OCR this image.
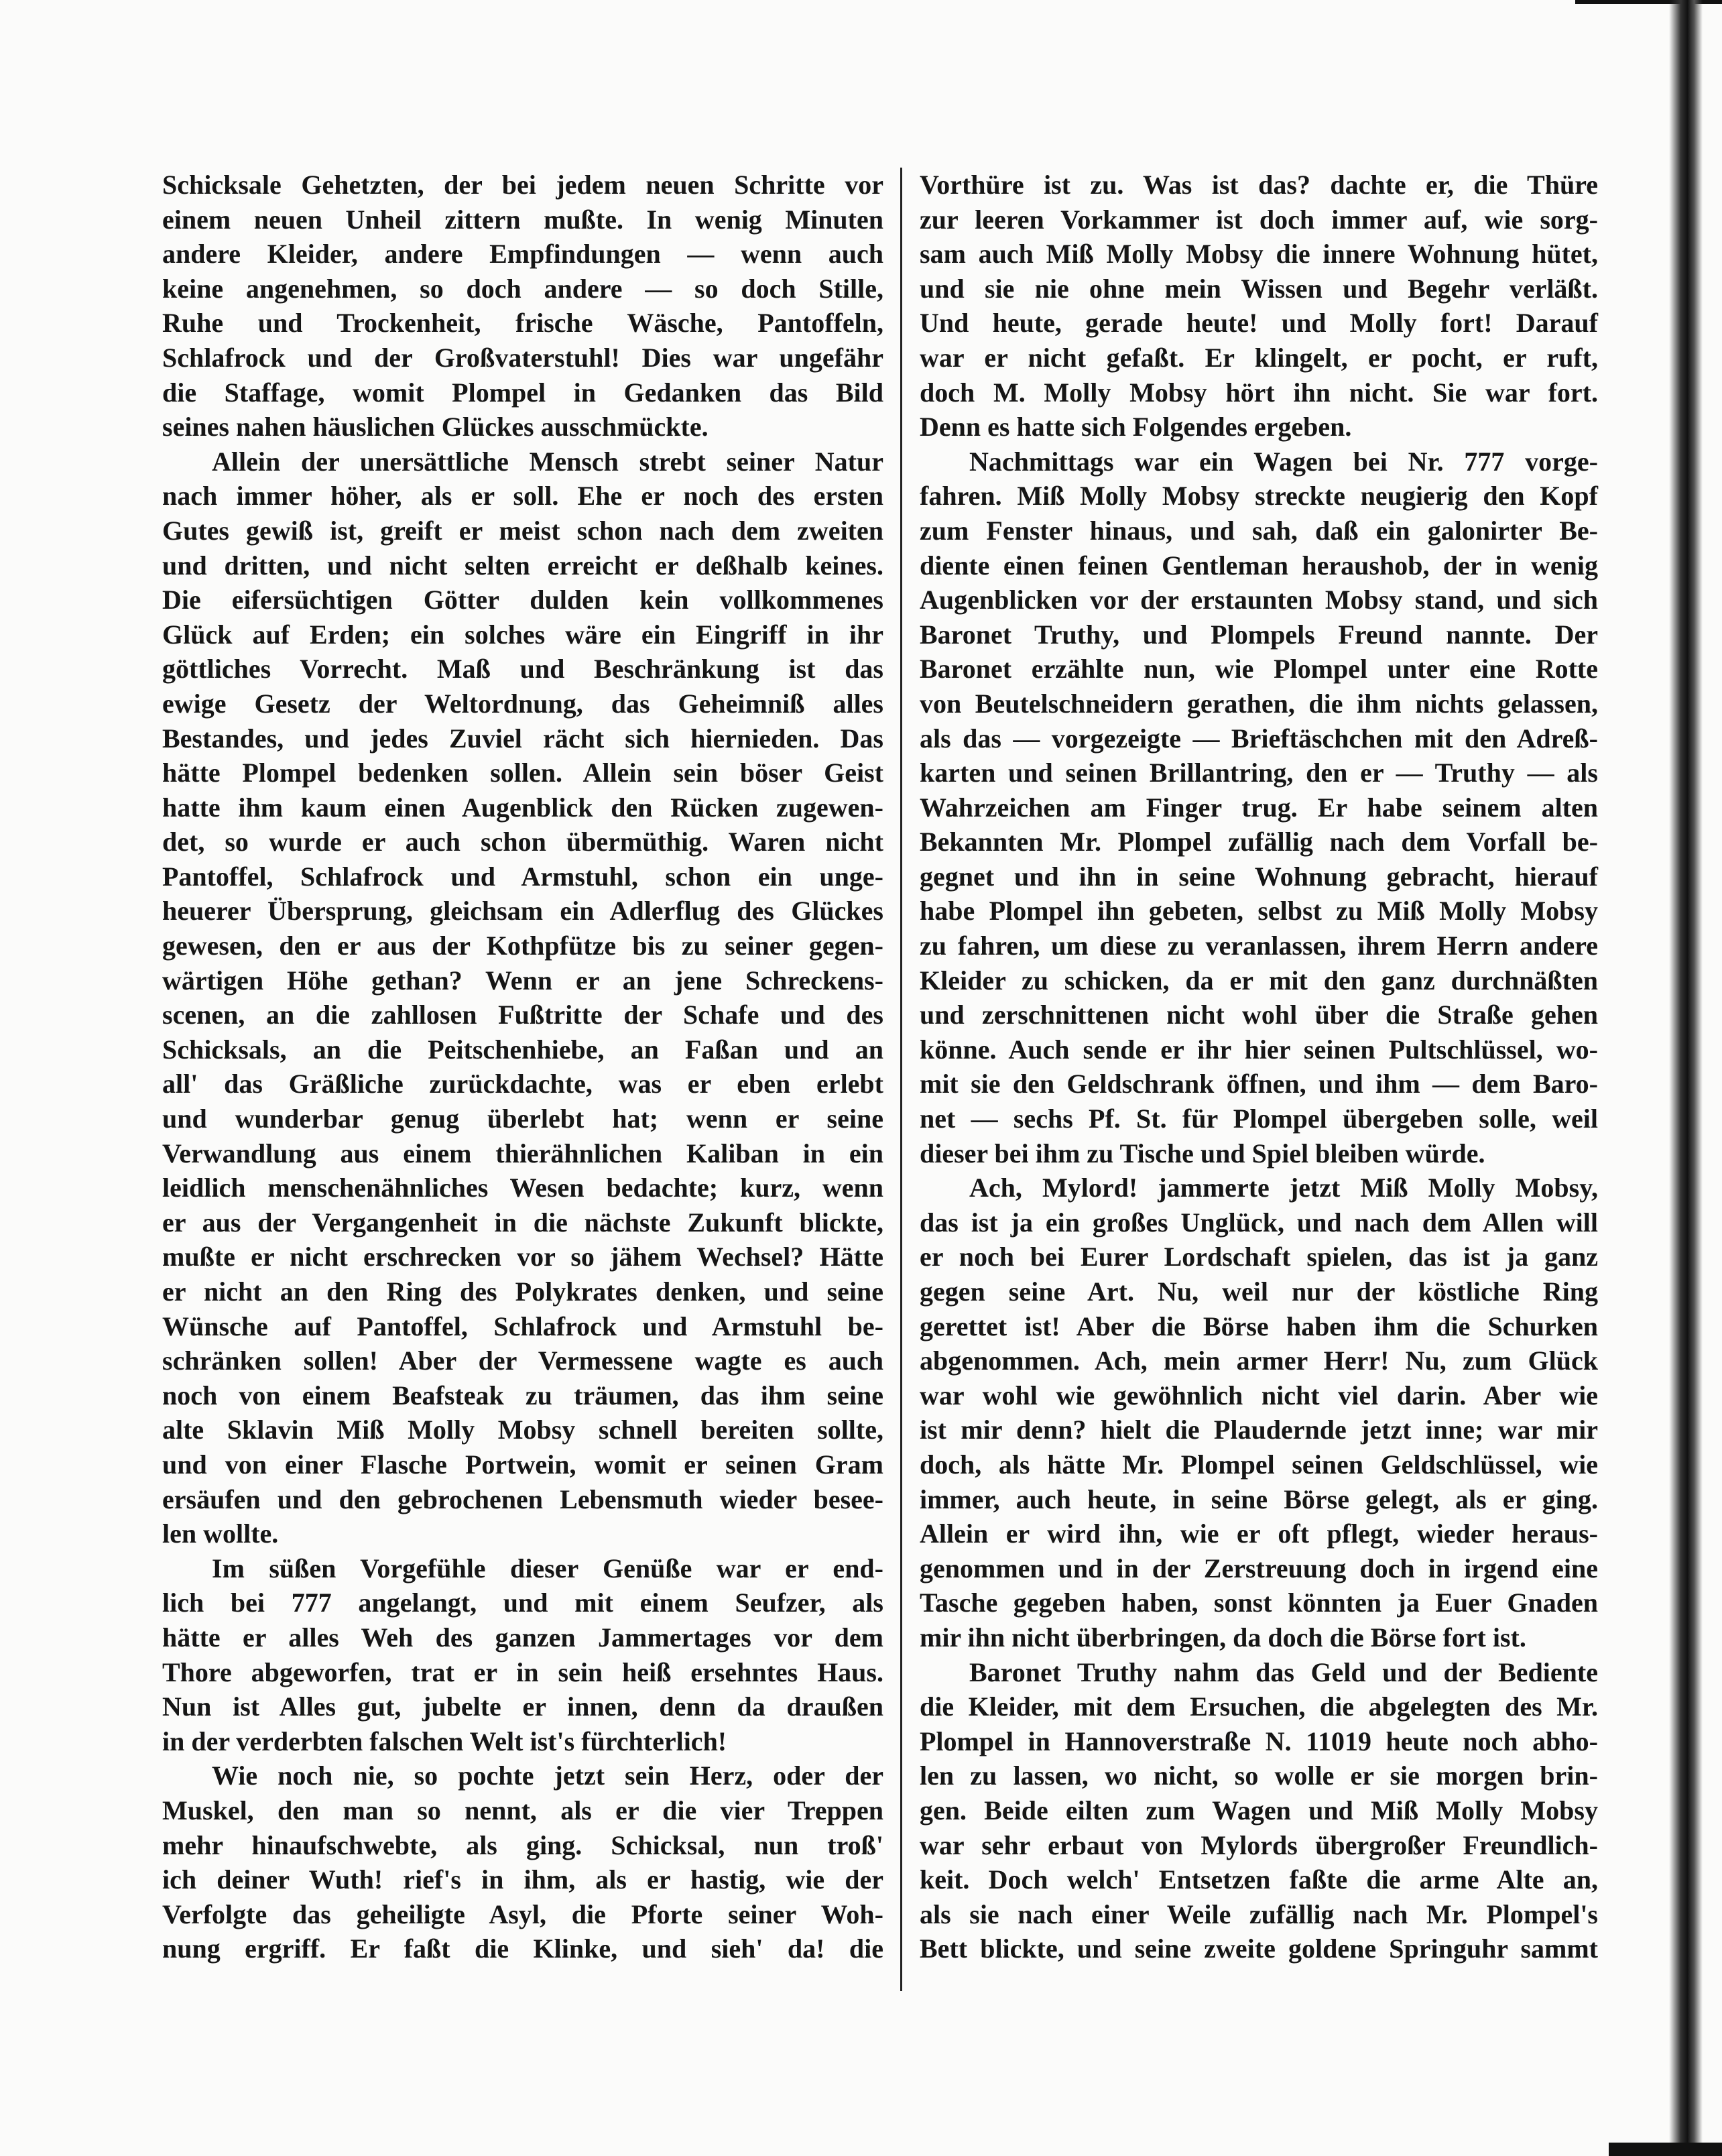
Schicksale Gehetzten, der bei jedem neuen Schritte vor
einem neuen Unheil zittern mußte. In wenig Minuten
andere Kleider, andere Empfindungen — wenn auch
keine angenehmen, so doch andere — so doch Stille,
Ruhe und Trockenheit, frische Wäsche, Pantoffeln,
Schlafrock und der Großvaterstuhl! Dies war ungefähr
die Staffage, womit Plompel in Gedanken das Bild
seines nahen häuslichen Glückes ausschmückte.
Allein der unersättliche Mensch strebt seiner Natur
nach immer höher, als er soll. Ehe er noch des ersten
Gutes gewiß ist, greift er meist schon nach dem zweiten
und dritten, und nicht selten erreicht er deßhalb keines.
Die eifersüchtigen Götter dulden kein vollkommenes
Glück auf Erden; ein solches wäre ein Eingriff in ihr
göttliches Vorrecht. Maß und Beschränkung ist das
ewige Gesetz der Weltordnung, das Geheimniß alles
Bestandes, und jedes Zuviel rächt sich hiernieden. Das
hätte Plompel bedenken sollen. Allein sein böser Geist
hatte ihm kaum einen Augenblick den Rücken zugewen-
det, so wurde er auch schon übermüthig. Waren nicht
Pantoffel, Schlafrock und Armstuhl, schon ein unge-
heuerer Übersprung, gleichsam ein Adlerflug des Glückes
gewesen, den er aus der Kothpfütze bis zu seiner gegen-
wärtigen Höhe gethan? Wenn er an jene Schreckens-
scenen, an die zahllosen Fußtritte der Schafe und des
Schicksals, an die Peitschenhiebe, an Faßan und an
all' das Gräßliche zurückdachte, was er eben erlebt
und wunderbar genug überlebt hat; wenn er seine
Verwandlung aus einem thierähnlichen Kaliban in ein
leidlich menschenähnliches Wesen bedachte; kurz, wenn
er aus der Vergangenheit in die nächste Zukunft blickte,
mußte er nicht erschrecken vor so jähem Wechsel? Hätte
er nicht an den Ring des Polykrates denken, und seine
Wünsche auf Pantoffel, Schlafrock und Armstuhl be-
schränken sollen! Aber der Vermessene wagte es auch
noch von einem Beafsteak zu träumen, das ihm seine
alte Sklavin Miß Molly Mobsy schnell bereiten sollte,
und von einer Flasche Portwein, womit er seinen Gram
ersäufen und den gebrochenen Lebensmuth wieder besee-
len wollte.
Im süßen Vorgefühle dieser Genüße war er end-
lich bei 777 angelangt, und mit einem Seufzer, als
hätte er alles Weh des ganzen Jammertages vor dem
Thore abgeworfen, trat er in sein heiß ersehntes Haus.
Nun ist Alles gut, jubelte er innen, denn da draußen
in der verderbten falschen Welt ist's fürchterlich!
Wie noch nie, so pochte jetzt sein Herz, oder der
Muskel, den man so nennt, als er die vier Treppen
mehr hinaufschwebte, als ging. Schicksal, nun troß'
ich deiner Wuth! rief's in ihm, als er hastig, wie der
Verfolgte das geheiligte Asyl, die Pforte seiner Woh-
nung ergriff. Er faßt die Klinke, und sieh' da! die
Vorthüre ist zu. Was ist das? dachte er, die Thüre
zur leeren Vorkammer ist doch immer auf, wie sorg-
sam auch Miß Molly Mobsy die innere Wohnung hütet,
und sie nie ohne mein Wissen und Begehr verläßt.
Und heute, gerade heute! und Molly fort! Darauf
war er nicht gefaßt. Er klingelt, er pocht, er ruft,
doch M. Molly Mobsy hört ihn nicht. Sie war fort.
Denn es hatte sich Folgendes ergeben.
Nachmittags war ein Wagen bei Nr. 777 vorge-
fahren. Miß Molly Mobsy streckte neugierig den Kopf
zum Fenster hinaus, und sah, daß ein galonirter Be-
diente einen feinen Gentleman heraushob, der in wenig
Augenblicken vor der erstaunten Mobsy stand, und sich
Baronet Truthy, und Plompels Freund nannte. Der
Baronet erzählte nun, wie Plompel unter eine Rotte
von Beutelschneidern gerathen, die ihm nichts gelassen,
als das — vorgezeigte — Brieftäschchen mit den Adreß-
karten und seinen Brillantring, den er — Truthy — als
Wahrzeichen am Finger trug. Er habe seinem alten
Bekannten Mr. Plompel zufällig nach dem Vorfall be-
gegnet und ihn in seine Wohnung gebracht, hierauf
habe Plompel ihn gebeten, selbst zu Miß Molly Mobsy
zu fahren, um diese zu veranlassen, ihrem Herrn andere
Kleider zu schicken, da er mit den ganz durchnäßten
und zerschnittenen nicht wohl über die Straße gehen
könne. Auch sende er ihr hier seinen Pultschlüssel, wo-
mit sie den Geldschrank öffnen, und ihm — dem Baro-
net — sechs Pf. St. für Plompel übergeben solle, weil
dieser bei ihm zu Tische und Spiel bleiben würde.
Ach, Mylord! jammerte jetzt Miß Molly Mobsy,
das ist ja ein großes Unglück, und nach dem Allen will
er noch bei Eurer Lordschaft spielen, das ist ja ganz
gegen seine Art. Nu, weil nur der köstliche Ring
gerettet ist! Aber die Börse haben ihm die Schurken
abgenommen. Ach, mein armer Herr! Nu, zum Glück
war wohl wie gewöhnlich nicht viel darin. Aber wie
ist mir denn? hielt die Plaudernde jetzt inne; war mir
doch, als hätte Mr. Plompel seinen Geldschlüssel, wie
immer, auch heute, in seine Börse gelegt, als er ging.
Allein er wird ihn, wie er oft pflegt, wieder heraus-
genommen und in der Zerstreuung doch in irgend eine
Tasche gegeben haben, sonst könnten ja Euer Gnaden
mir ihn nicht überbringen, da doch die Börse fort ist.
Baronet Truthy nahm das Geld und der Bediente
die Kleider, mit dem Ersuchen, die abgelegten des Mr.
Plompel in Hannoverstraße N. 11019 heute noch abho-
len zu lassen, wo nicht, so wolle er sie morgen brin-
gen. Beide eilten zum Wagen und Miß Molly Mobsy
war sehr erbaut von Mylords übergroßer Freundlich-
keit. Doch welch' Entsetzen faßte die arme Alte an,
als sie nach einer Weile zufällig nach Mr. Plompel's
Bett blickte, und seine zweite goldene Springuhr sammt
